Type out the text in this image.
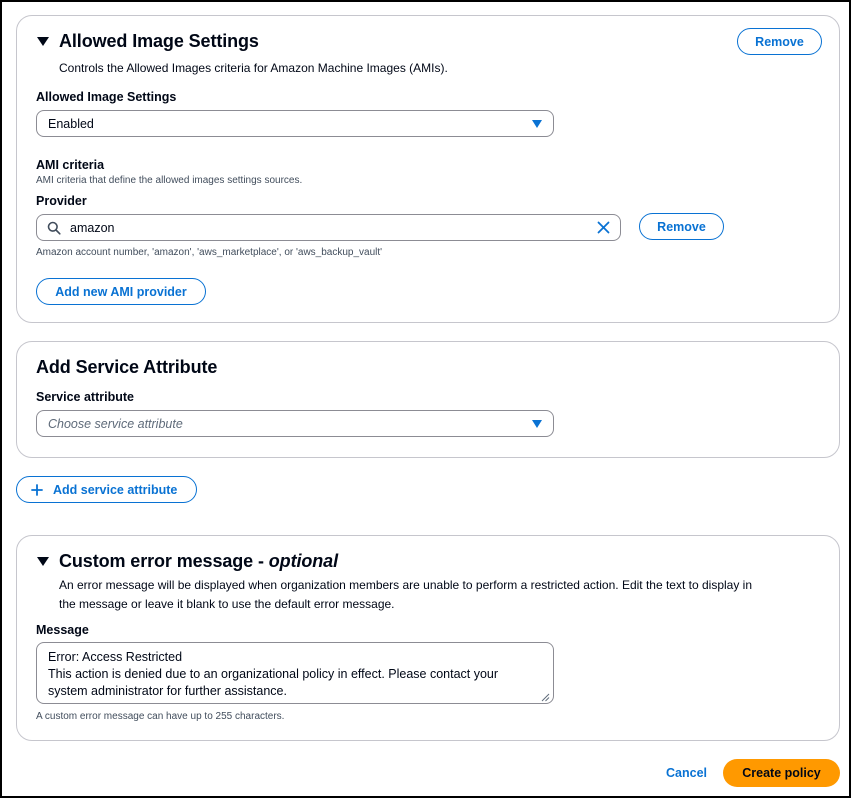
Allowed Image Settings	Remove
Controls the Allowed Images criteria for Amazon Machine Images (AMIs).
Allowed Image Settings
Enabled
AMI criteria
AMI criteria that define the allowed images settings sources.
Provider
amazon	Remove
Amazon account number, 'amazon', 'aws_marketplace', or 'aws_backup_vault'
Add new AMI provider
Add Service Attribute
Service attribute
Choose service attribute
Add service attribute
Custom error message - optional
An error message will be displayed when organization members are unable to perform a restricted action. Edit the text to display in
the message or leave it blank to use the default error message.
Message
Error: Access Restricted
This action is denied due to an organizational policy in effect. Please contact your
system administrator for further assistance.
A custom error message can have up to 255 characters.
Cancel	Create policy
